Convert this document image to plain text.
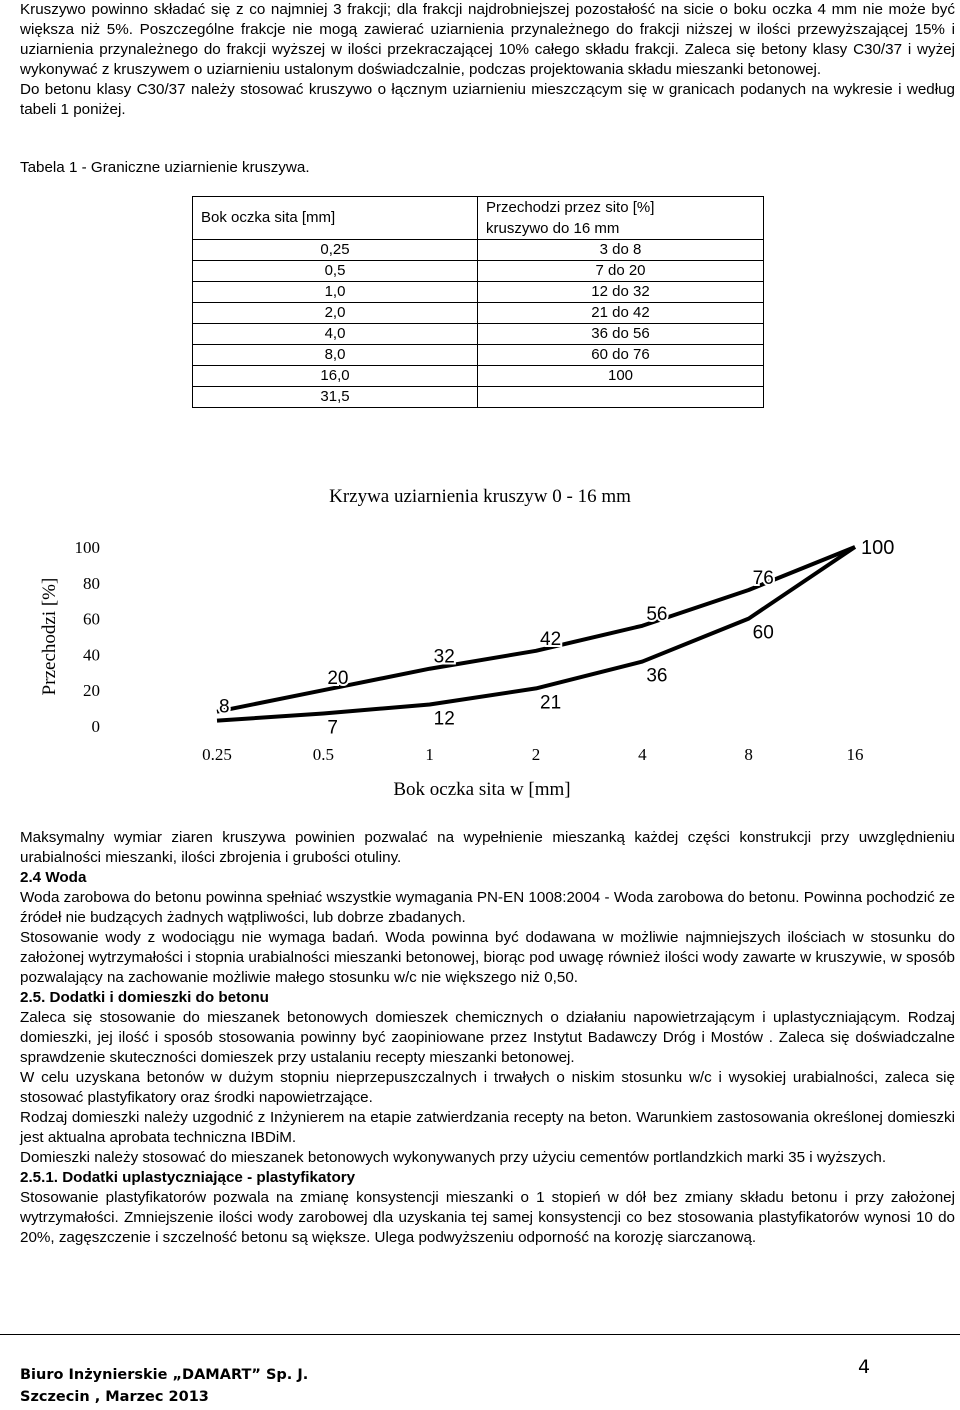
Kruszywo powinno składać się z co najmniej 3 frakcji; dla frakcji najdrobniejszej pozostałość na sicie o boku oczka 4 mm nie może być większa niż 5%. Poszczególne frakcje nie mogą zawierać uziarnienia przynależnego do frakcji niższej w ilości przewyższającej 15% i uziarnienia przynależnego do frakcji wyższej w ilości przekraczającej 10% całego składu frakcji. Zaleca się betony klasy C30/37 i wyżej wykonywać z kruszywem o uziarnieniu ustalonym doświadczalnie, podczas projektowania składu mieszanki betonowej.

Do betonu klasy C30/37 należy stosować kruszywo o łącznym uziarnieniu mieszczącym się w granicach podanych na wykresie i według tabeli 1 poniżej.

Tabela 1 - Graniczne uziarnienie kruszywa.
Bok oczka sita [mm]	Przechodzi przez sito [%]
kruszywo do 16 mm

0,25	3 do 8
0,5	7 do 20
1,0	12 do 32
2,0	21 do 42
4,0	36 do 56
8,0	60 do 76
16,0	100
31,5	
Krzywa uziarnienia kruszyw 0 - 16 mm
Przechodzi [%]
100
80
60
40
20
0
0.25	0.5	1	2	4	8	16
Bok oczka sita w [mm]
8
20
32
42
56
76
100
7	12
21
36
60

Maksymalny wymiar ziaren kruszywa powinien pozwalać na wypełnienie mieszanką każdej części konstrukcji przy uwzględnieniu urabialności mieszanki, ilości zbrojenia i grubości otuliny.

2.4 Woda

Woda zarobowa do betonu powinna spełniać wszystkie wymagania PN-EN 1008:2004 - Woda zarobowa do betonu. Powinna pochodzić ze źródeł nie budzących żadnych wątpliwości, lub dobrze zbadanych.

Stosowanie wody z wodociągu nie wymaga badań. Woda powinna być dodawana w możliwie najmniejszych ilościach w stosunku do założonej wytrzymałości i stopnia urabialności mieszanki betonowej, biorąc pod uwagę również ilości wody zawarte w kruszywie, w sposób pozwalający na zachowanie możliwie małego stosunku w/c nie większego niż 0,50.

2.5. Dodatki i domieszki do betonu

Zaleca się stosowanie do mieszanek betonowych domieszek chemicznych o działaniu napowietrzającym i uplastyczniającym. Rodzaj domieszki, jej ilość i sposób stosowania powinny być zaopiniowane przez Instytut Badawczy Dróg i Mostów . Zaleca się doświadczalne sprawdzenie skuteczności domieszek przy ustalaniu recepty mieszanki betonowej.

W celu uzyskana betonów w dużym stopniu nieprzepuszczalnych i trwałych o niskim stosunku w/c i wysokiej urabialności, zaleca się stosować plastyfikatory oraz środki napowietrzające.

Rodzaj domieszki należy uzgodnić z Inżynierem na etapie zatwierdzania recepty na beton. Warunkiem zastosowania określonej domieszki jest aktualna aprobata techniczna IBDiM.

Domieszki należy stosować do mieszanek betonowych wykonywanych przy użyciu cementów portlandzkich marki 35 i wyższych.

2.5.1. Dodatki uplastyczniające - plastyfikatory

Stosowanie plastyfikatorów pozwala na zmianę konsystencji mieszanki o 1 stopień w dół bez zmiany składu betonu i przy założonej wytrzymałości. Zmniejszenie ilości wody zarobowej dla uzyskania tej samej konsystencji co bez stosowania plastyfikatorów wynosi 10 do 20%, zagęszczenie i szczelność betonu są większe. Ulega podwyższeniu odporność na korozję siarczanową.

Biuro Inżynierskie „DAMART” Sp. J.
Szczecin , Marzec 2013
4
